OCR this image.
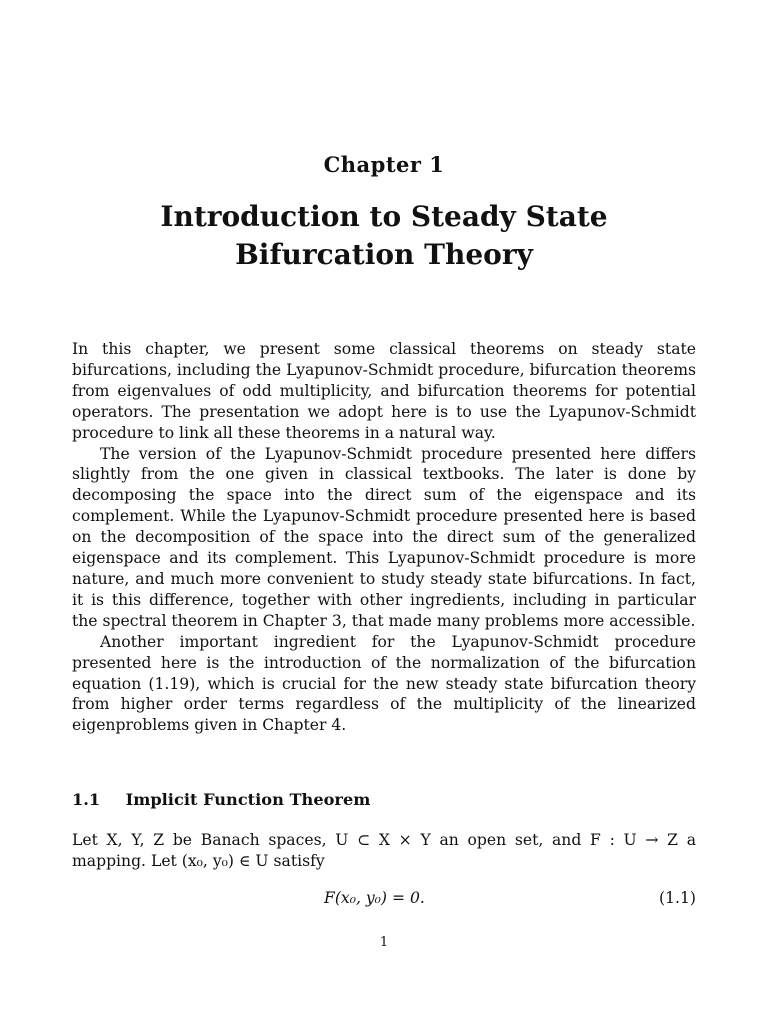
Chapter 1
Introduction to Steady State
Bifurcation Theory

In this chapter, we present some classical theorems on steady state bifurcations, including the Lyapunov-Schmidt procedure, bifurcation theorems from eigenvalues of odd multiplicity, and bifurcation theorems for potential operators. The presentation we adopt here is to use the Lyapunov-Schmidt procedure to link all these theorems in a natural way.

The version of the Lyapunov-Schmidt procedure presented here differs slightly from the one given in classical textbooks. The later is done by decomposing the space into the direct sum of the eigenspace and its complement. While the Lyapunov-Schmidt procedure presented here is based on the decomposition of the space into the direct sum of the generalized eigenspace and its complement. This Lyapunov-Schmidt procedure is more nature, and much more convenient to study steady state bifurcations. In fact, it is this difference, together with other ingredients, including in particular the spectral theorem in Chapter 3, that made many problems more accessible.

Another important ingredient for the Lyapunov-Schmidt procedure presented here is the introduction of the normalization of the bifurcation equation (1.19), which is crucial for the new steady state bifurcation theory from higher order terms regardless of the multiplicity of the linearized eigenproblems given in Chapter 4.

1.1 Implicit Function Theorem
Let X, Y, Z be Banach spaces, U ⊂ X × Y an open set, and F : U → Z a mapping. Let (x₀, y₀) ∈ U satisfy
F(x₀, y₀) = 0.	(1.1)
1
